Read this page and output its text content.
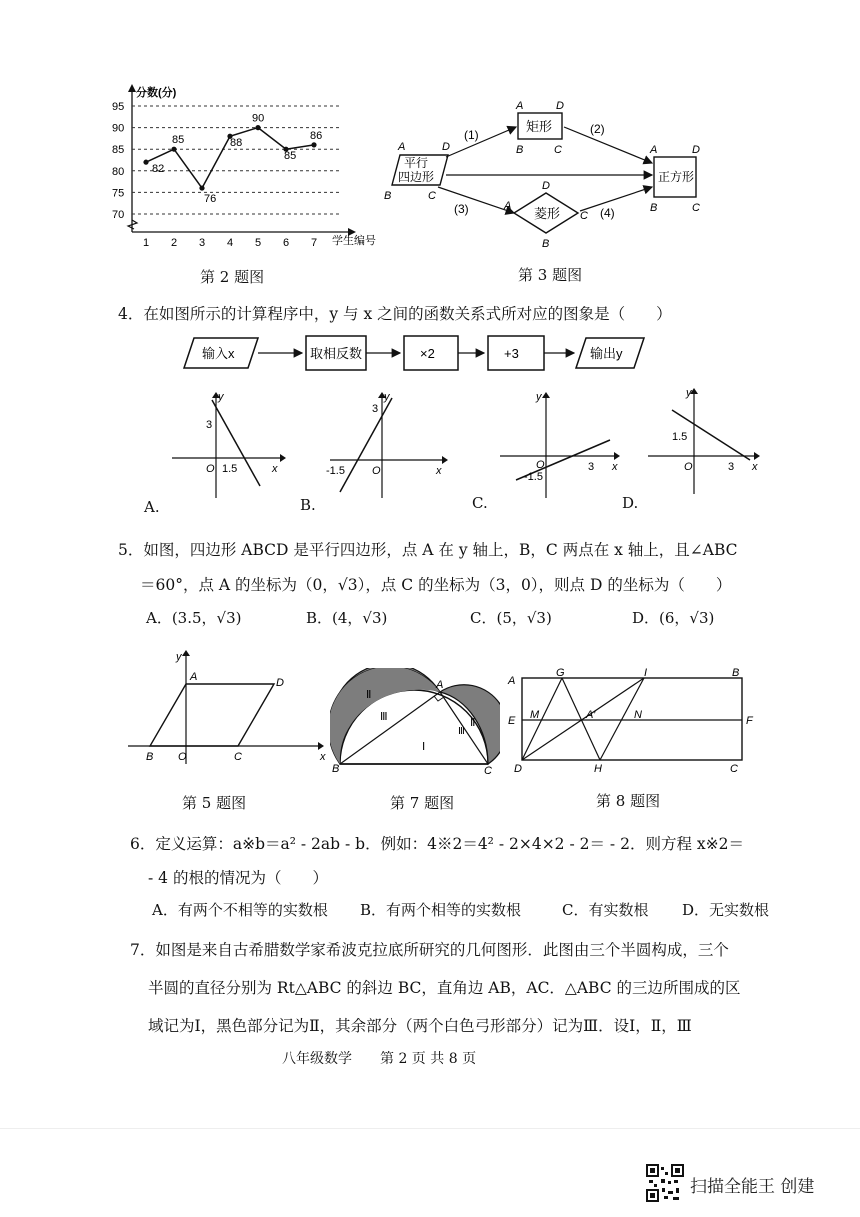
70
75
80
85
90
95
1 2 3 4 5 6 7
分数(分)
学生编号
82
85
76
88
90
85
86
第 2 题图
平行
四边形
A	D
B	C
矩形
A	D
B	C
菱形
D
A
C
B
正方形
A	D
B	C
(1)	(2)
(3)	(4)
第 3 题图
4．在如图所示的计算程序中，y 与 x 之间的函数关系式所对应的图象是（　　）
输入x	取相反数	×2	+3	输出y
y
x
O
3
1.5
y
x
O
3
-1.5
y
x
O
-1.5
3
y
x
O
1.5
3
A.	B.	C.	D.
5．如图，四边形 ABCD 是平行四边形，点 A 在 y 轴上，B，C 两点在 x 轴上，且∠ABC
＝60°，点 A 的坐标为（0，√3），点 C 的坐标为（3，0），则点 D 的坐标为（　　）
A．(3.5，√3)	B．(4，√3)	C．(5，√3)	D．(6，√3)
y
x
A	D
B O	C
第 5 题图
A
B	C
Ⅱ
Ⅲ
Ⅰ
Ⅱ
Ⅲ
第 7 题图
A
G	I	B
E M	A′	N	F
D	H	C
第 8 题图
6．定义运算：a※b＝a² - 2ab - b．例如：4※2＝4² - 2×4×2 - 2＝ - 2．则方程 x※2＝
- 4 的根的情况为（　　）
A．有两个不相等的实数根 B．有两个相等的实数根	C．有实数根 D．无实数根
7．如图是来自古希腊数学家希波克拉底所研究的几何图形．此图由三个半圆构成，三个
半圆的直径分别为 Rt△ABC 的斜边 BC，直角边 AB，AC．△ABC 的三边所围成的区
域记为Ⅰ，黑色部分记为Ⅱ，其余部分（两个白色弓形部分）记为Ⅲ．设Ⅰ，Ⅱ，Ⅲ
八年级数学　　第 2 页 共 8 页
扫描全能王 创建
